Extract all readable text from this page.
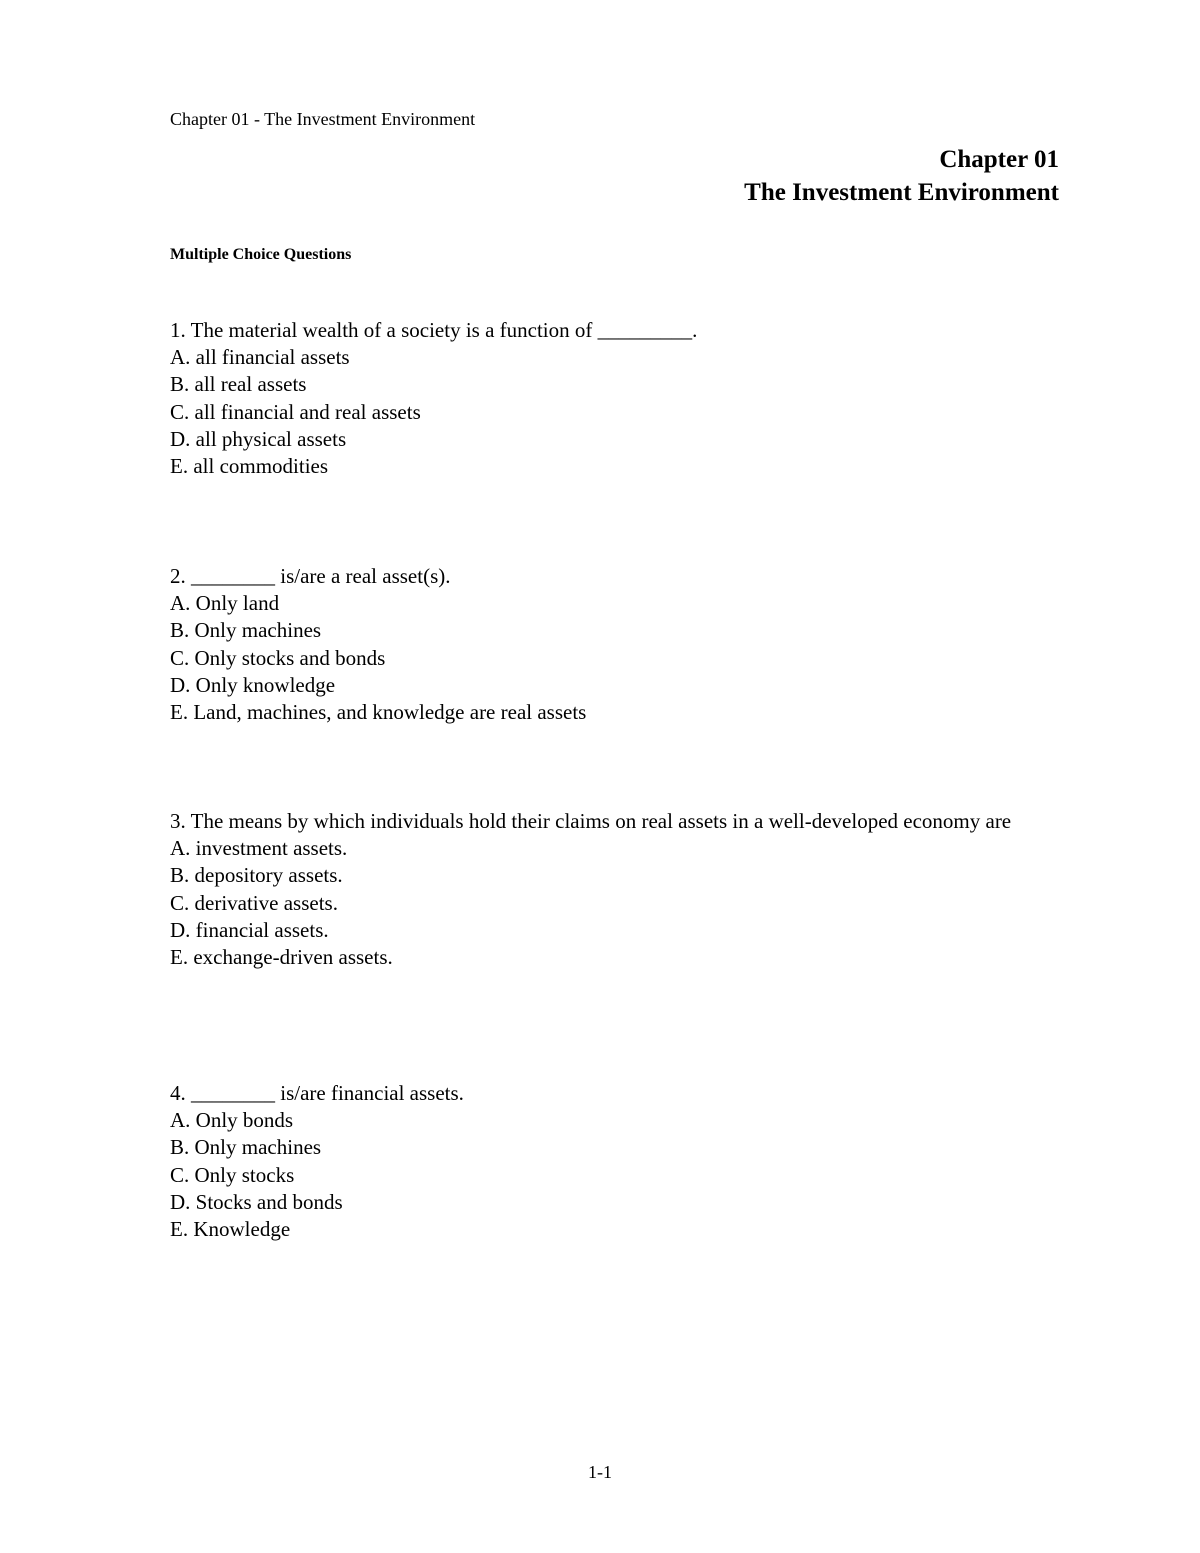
Chapter 01 - The Investment Environment
Chapter 01
The Investment Environment
Multiple Choice Questions
1. The material wealth of a society is a function of _________.
A. all financial assets
B. all real assets
C. all financial and real assets
D. all physical assets
E. all commodities
2. ________ is/are a real asset(s).
A. Only land
B. Only machines
C. Only stocks and bonds
D. Only knowledge
E. Land, machines, and knowledge are real assets
3. The means by which individuals hold their claims on real assets in a well-developed economy are
A. investment assets.
B. depository assets.
C. derivative assets.
D. financial assets.
E. exchange-driven assets.
4. ________ is/are financial assets.
A. Only bonds
B. Only machines
C. Only stocks
D. Stocks and bonds
E. Knowledge
1-1
